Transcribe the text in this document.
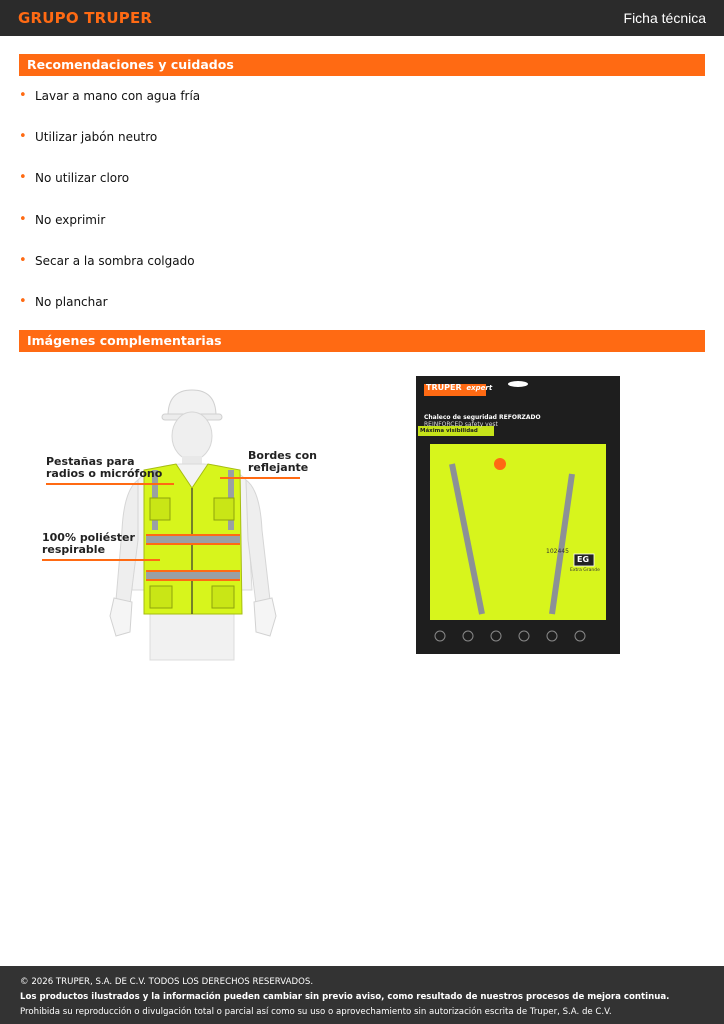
GRUPO TRUPER	Ficha técnica
Recomendaciones y cuidados
• Lavar a mano con agua fría
• Utilizar jabón neutro
• No utilizar cloro
• No exprimir
• Secar a la sombra colgado
• No planchar
Imágenes complementarias
Pestañas para
radios o micrófono
Bordes con
reflejante
100% poliéster
respirable
TRUPER expert
Chaleco de seguridad REFORZADO
REINFORCED safety vest
Máxima visibilidad
102445
EG
Extra Grande
© 2026 TRUPER, S.A. DE C.V. TODOS LOS DERECHOS RESERVADOS.
Los productos ilustrados y la información pueden cambiar sin previo aviso, como resultado de nuestros procesos de mejora continua.
Prohibida su reproducción o divulgación total o parcial así como su uso o aprovechamiento sin autorización escrita de Truper, S.A. de C.V.
